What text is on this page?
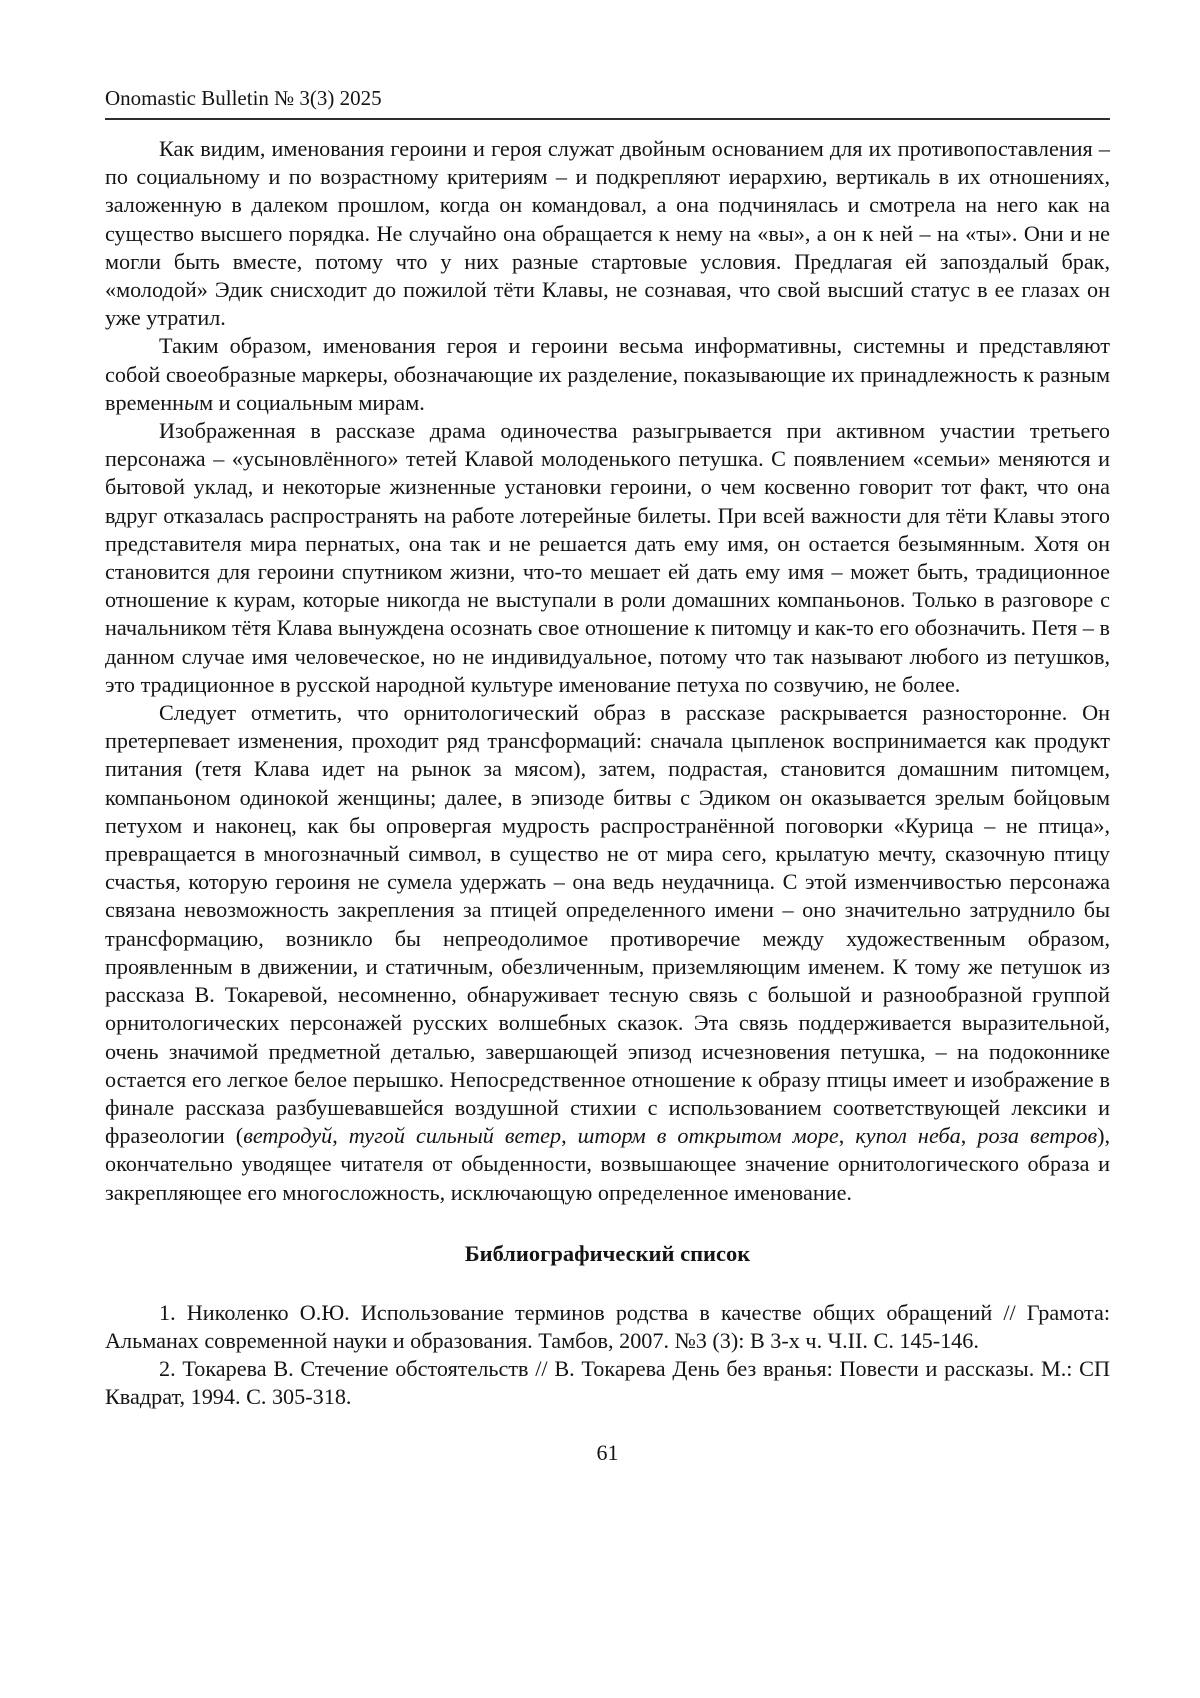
Onomastic Bulletin № 3(3) 2025

Как видим, именования героини и героя служат двойным основанием для их противопоставления – по социальному и по возрастному критериям – и подкрепляют иерархию, вертикаль в их отношениях, заложенную в далеком прошлом, когда он командовал, а она подчинялась и смотрела на него как на существо высшего порядка. Не случайно она обращается к нему на «вы», а он к ней – на «ты». Они и не могли быть вместе, потому что у них разные стартовые условия. Предлагая ей запоздалый брак, «молодой» Эдик снисходит до пожилой тёти Клавы, не сознавая, что свой высший статус в ее глазах он уже утратил.

Таким образом, именования героя и героини весьма информативны, системны и представляют собой своеобразные маркеры, обозначающие их разделение, показывающие их принадлежность к разным временным и социальным мирам.

Изображенная в рассказе драма одиночества разыгрывается при активном участии третьего персонажа – «усыновлённого» тетей Клавой молоденького петушка. С появлением «семьи» меняются и бытовой уклад, и некоторые жизненные установки героини, о чем косвенно говорит тот факт, что она вдруг отказалась распространять на работе лотерейные билеты. При всей важности для тёти Клавы этого представителя мира пернатых, она так и не решается дать ему имя, он остается безымянным. Хотя он становится для героини спутником жизни, что-то мешает ей дать ему имя – может быть, традиционное отношение к курам, которые никогда не выступали в роли домашних компаньонов. Только в разговоре с начальником тётя Клава вынуждена осознать свое отношение к питомцу и как-то его обозначить. Петя – в данном случае имя человеческое, но не индивидуальное, потому что так называют любого из петушков, это традиционное в русской народной культуре именование петуха по созвучию, не более.

Следует отметить, что орнитологический образ в рассказе раскрывается разносторонне. Он претерпевает изменения, проходит ряд трансформаций: сначала цыпленок воспринимается как продукт питания (тетя Клава идет на рынок за мясом), затем, подрастая, становится домашним питомцем, компаньоном одинокой женщины; далее, в эпизоде битвы с Эдиком он оказывается зрелым бойцовым петухом и наконец, как бы опровергая мудрость распространённой поговорки «Курица – не птица», превращается в многозначный символ, в существо не от мира сего, крылатую мечту, сказочную птицу счастья, которую героиня не сумела удержать – она ведь неудачница. С этой изменчивостью персонажа связана невозможность закрепления за птицей определенного имени – оно значительно затруднило бы трансформацию, возникло бы непреодолимое противоречие между художественным образом, проявленным в движении, и статичным, обезличенным, приземляющим именем. К тому же петушок из рассказа В. Токаревой, несомненно, обнаруживает тесную связь с большой и разнообразной группой орнитологических персонажей русских волшебных сказок. Эта связь поддерживается выразительной, очень значимой предметной деталью, завершающей эпизод исчезновения петушка, – на подоконнике остается его легкое белое перышко. Непосредственное отношение к образу птицы имеет и изображение в финале рассказа разбушевавшейся воздушной стихии с использованием соответствующей лексики и фразеологии (ветродуй, тугой сильный ветер, шторм в открытом море, купол неба, роза ветров), окончательно уводящее читателя от обыденности, возвышающее значение орнитологического образа и закрепляющее его многосложность, исключающую определенное именование.

Библиографический список

1. Николенко О.Ю. Использование терминов родства в качестве общих обращений // Грамота: Альманах современной науки и образования. Тамбов, 2007. №3 (3): В 3-х ч. Ч.II. С. 145-146.

2. Токарева В. Стечение обстоятельств // В. Токарева День без вранья: Повести и рассказы. М.: СП Квадрат, 1994. С. 305-318.

61
